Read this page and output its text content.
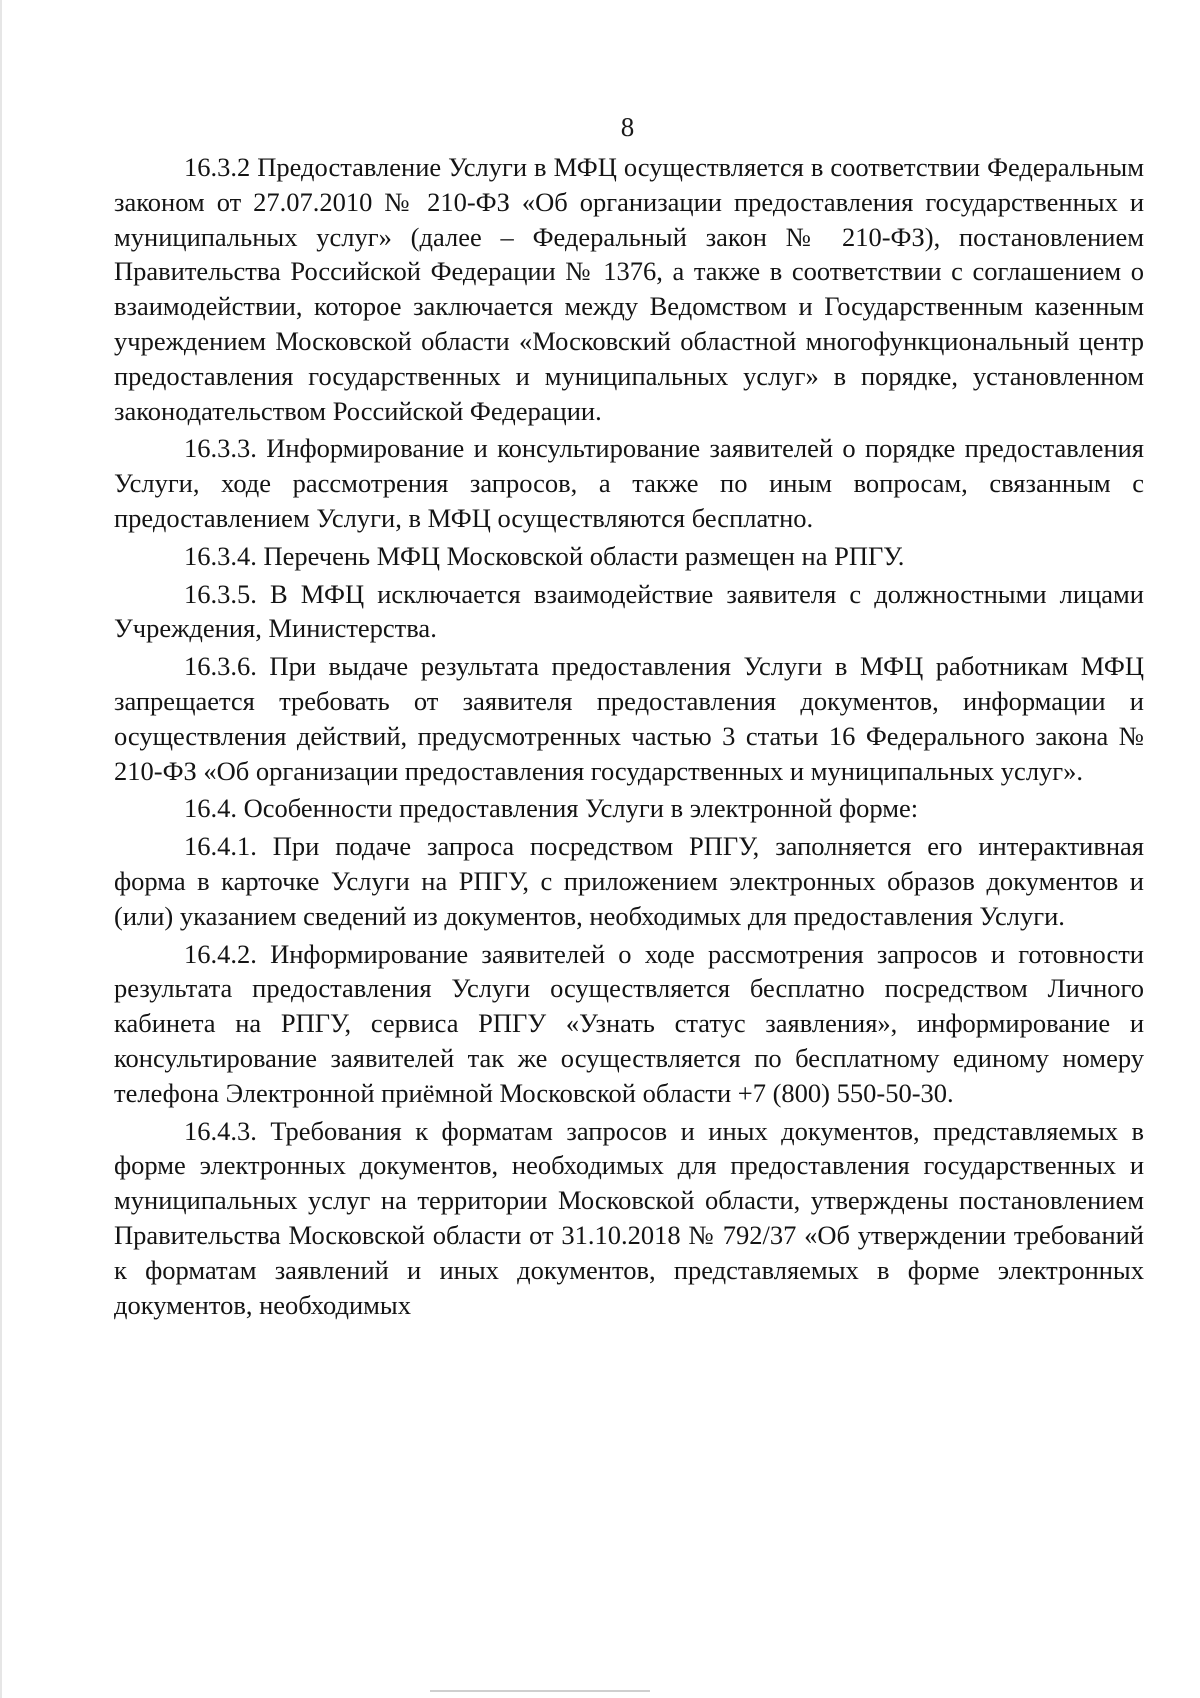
8

16.3.2 Предоставление Услуги в МФЦ осуществляется в соответствии Федеральным законом от 27.07.2010 № 210-ФЗ «Об организации предоставления государственных и муниципальных услуг» (далее – Федеральный закон № 210-ФЗ), постановлением Правительства Российской Федерации № 1376, а также в соответствии с соглашением о взаимодействии, которое заключается между Ведомством и Государственным казенным учреждением Московской области «Московский областной многофункциональный центр предоставления государственных и муниципальных услуг» в порядке, установленном законодательством Российской Федерации.

16.3.3. Информирование и консультирование заявителей о порядке предоставления Услуги, ходе рассмотрения запросов, а также по иным вопросам, связанным с предоставлением Услуги, в МФЦ осуществляются бесплатно.

16.3.4. Перечень МФЦ Московской области размещен на РПГУ.

16.3.5. В МФЦ исключается взаимодействие заявителя с должностными лицами Учреждения, Министерства.

16.3.6. При выдаче результата предоставления Услуги в МФЦ работникам МФЦ запрещается требовать от заявителя предоставления документов, информации и осуществления действий, предусмотренных частью 3 статьи 16 Федерального закона № 210-ФЗ «Об организации предоставления государственных и муниципальных услуг».

16.4. Особенности предоставления Услуги в электронной форме:

16.4.1. При подаче запроса посредством РПГУ, заполняется его интерактивная форма в карточке Услуги на РПГУ, с приложением электронных образов документов и (или) указанием сведений из документов, необходимых для предоставления Услуги.

16.4.2. Информирование заявителей о ходе рассмотрения запросов и готовности результата предоставления Услуги осуществляется бесплатно посредством Личного кабинета на РПГУ, сервиса РПГУ «Узнать статус заявления», информирование и консультирование заявителей так же осуществляется по бесплатному единому номеру телефона Электронной приёмной Московской области +7 (800) 550-50-30.

16.4.3. Требования к форматам запросов и иных документов, представляемых в форме электронных документов, необходимых для предоставления государственных и муниципальных услуг на территории Московской области, утверждены постановлением Правительства Московской области от 31.10.2018 № 792/37 «Об утверждении требований к форматам заявлений и иных документов, представляемых в форме электронных документов, необходимых
